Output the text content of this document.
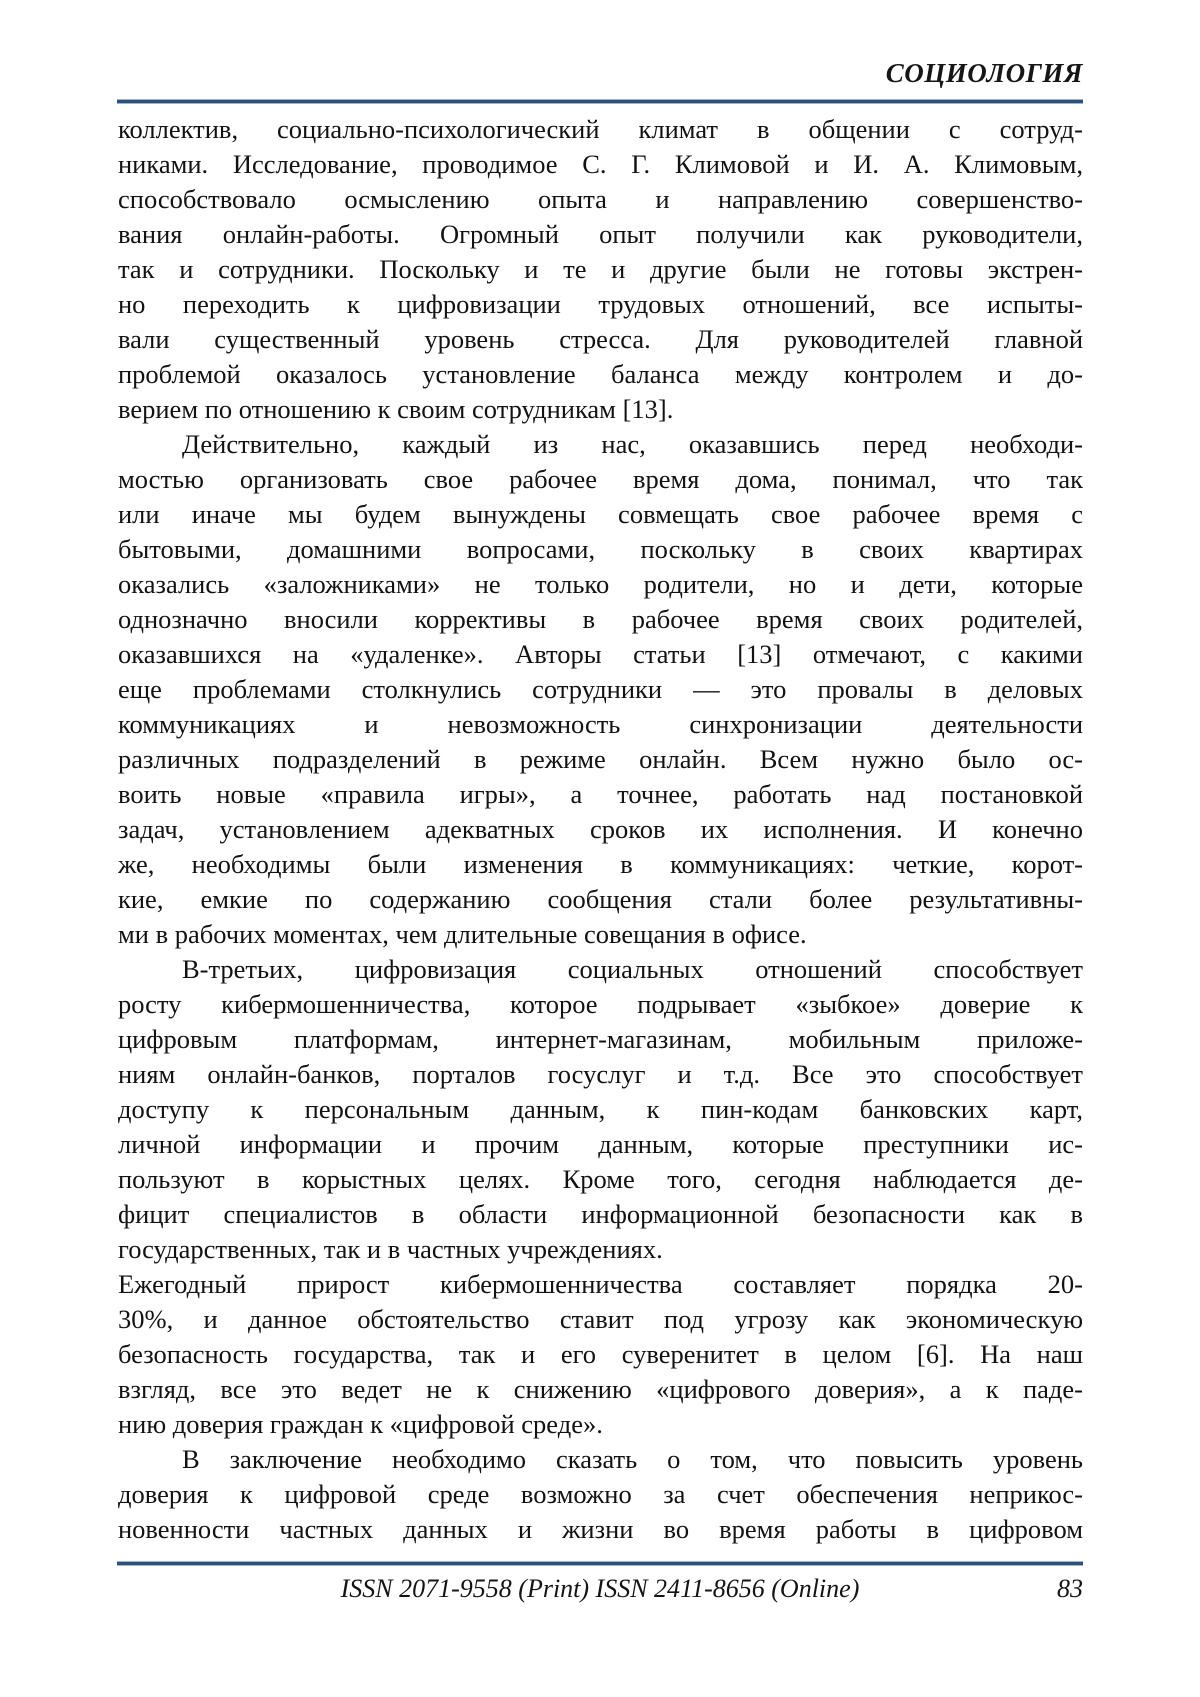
СОЦИОЛОГИЯ
коллектив, социально-психологический климат в общении с сотруд-
никами. Исследование, проводимое С. Г. Климовой и И. А. Климовым,
способствовало осмыслению опыта и направлению совершенство-
вания онлайн-работы. Огромный опыт получили как руководители,
так и сотрудники. Поскольку и те и другие были не готовы экстрен-
но переходить к цифровизации трудовых отношений, все испыты-
вали существенный уровень стресса. Для руководителей главной
проблемой оказалось установление баланса между контролем и до-
верием по отношению к своим сотрудникам [13].
Действительно, каждый из нас, оказавшись перед необходи-
мостью организовать свое рабочее время дома, понимал, что так
или иначе мы будем вынуждены совмещать свое рабочее время с
бытовыми, домашними вопросами, поскольку в своих квартирах
оказались «заложниками» не только родители, но и дети, которые
однозначно вносили коррективы в рабочее время своих родителей,
оказавшихся на «удаленке». Авторы статьи [13] отмечают, с какими
еще проблемами столкнулись сотрудники — это провалы в деловых
коммуникациях и невозможность синхронизации деятельности
различных подразделений в режиме онлайн. Всем нужно было ос-
воить новые «правила игры», а точнее, работать над постановкой
задач, установлением адекватных сроков их исполнения. И конечно
же, необходимы были изменения в коммуникациях: четкие, корот-
кие, емкие по содержанию сообщения стали более результативны-
ми в рабочих моментах, чем длительные совещания в офисе.
В-третьих, цифровизация социальных отношений способствует
росту кибермошенничества, которое подрывает «зыбкое» доверие к
цифровым платформам, интернет-магазинам, мобильным приложе-
ниям онлайн-банков, порталов госуслуг и т.д. Все это способствует
доступу к персональным данным, к пин-кодам банковских карт,
личной информации и прочим данным, которые преступники ис-
пользуют в корыстных целях. Кроме того, сегодня наблюдается де-
фицит специалистов в области информационной безопасности как в
государственных, так и в частных учреждениях.
Ежегодный прирост кибермошенничества составляет порядка 20-
30%, и данное обстоятельство ставит под угрозу как экономическую
безопасность государства, так и его суверенитет в целом [6]. На наш
взгляд, все это ведет не к снижению «цифрового доверия», а к паде-
нию доверия граждан к «цифровой среде».
В заключение необходимо сказать о том, что повысить уровень
доверия к цифровой среде возможно за счет обеспечения неприкос-
новенности частных данных и жизни во время работы в цифровом
ISSN 2071-9558 (Print) ISSN 2411-8656 (Online)	83
